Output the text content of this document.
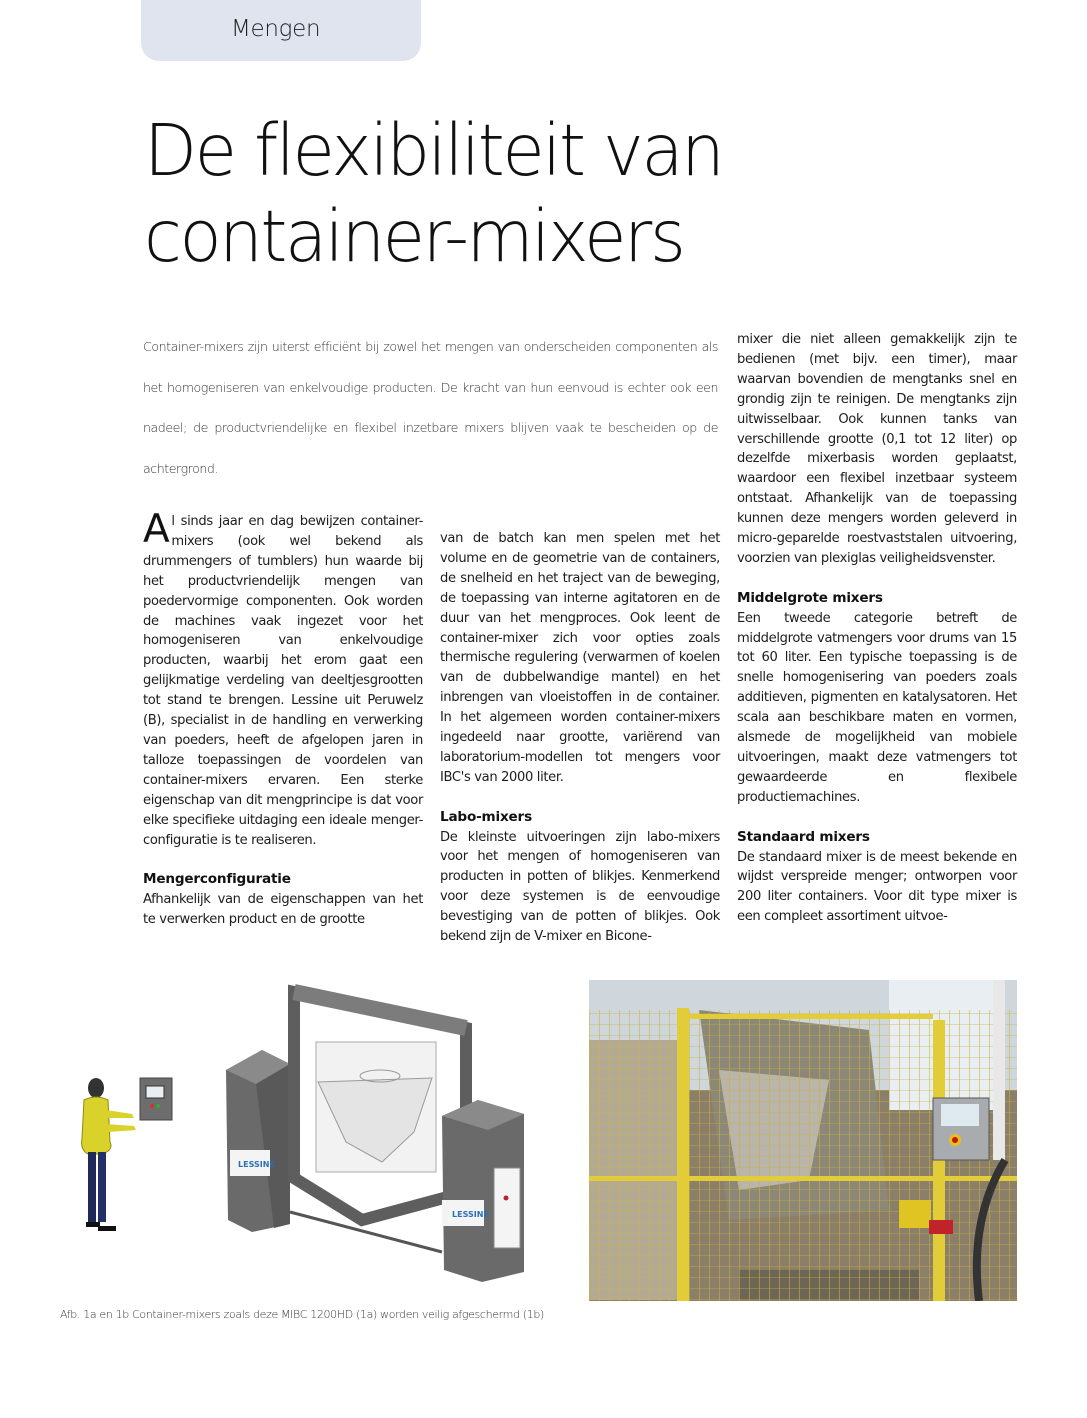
Mengen
De flexibiliteit van
container-mixers

Container-mixers zijn uiterst efficiënt bij zowel het mengen van onderscheiden componenten als het homogeniseren van enkelvoudige producten. De kracht van hun eenvoud is echter ook een nadeel; de productvriendelijke en flexibel inzetbare mixers blijven vaak te bescheiden op de achtergrond.

Al sinds jaar en dag bewijzen container-mixers (ook wel bekend als drummengers of tumblers) hun waarde bij het productvriendelijk mengen van poedervormige componenten. Ook worden de machines vaak ingezet voor het homogeniseren van enkelvoudige producten, waarbij het erom gaat een gelijkmatige verdeling van deeltjesgrootten tot stand te brengen. Lessine uit Peruwelz (B), specialist in de handling en verwerking van poeders, heeft de afgelopen jaren in talloze toepassingen de voordelen van container-mixers ervaren. Een sterke eigenschap van dit mengprincipe is dat voor elke specifieke uitdaging een ideale menger-configuratie is te realiseren.

Mengerconfiguratie

Afhankelijk van de eigenschappen van het te verwerken product en de grootte

van de batch kan men spelen met het volume en de geometrie van de containers, de snelheid en het traject van de beweging, de toepassing van interne agitatoren en de duur van het mengproces. Ook leent de container-mixer zich voor opties zoals thermische regulering (verwarmen of koelen van de dubbelwandige mantel) en het inbrengen van vloeistoffen in de container. In het algemeen worden container-mixers ingedeeld naar grootte, variërend van laboratorium-modellen tot mengers voor IBC's van 2000 liter.

Labo-mixers

De kleinste uitvoeringen zijn labo-mixers voor het mengen of homogeniseren van producten in potten of blikjes. Kenmerkend voor deze systemen is de eenvoudige bevestiging van de potten of blikjes. Ook bekend zijn de V-mixer en Bicone-

mixer die niet alleen gemakkelijk zijn te bedienen (met bijv. een timer), maar waarvan bovendien de mengtanks snel en grondig zijn te reinigen. De mengtanks zijn uitwisselbaar. Ook kunnen tanks van verschillende grootte (0,1 tot 12 liter) op dezelfde mixerbasis worden geplaatst, waardoor een flexibel inzetbaar systeem ontstaat. Afhankelijk van de toepassing kunnen deze mengers worden geleverd in micro-geparelde roestvaststalen uitvoering, voorzien van plexiglas veiligheidsvenster.

Middelgrote mixers

Een tweede categorie betreft de middelgrote vatmengers voor drums van 15 tot 60 liter. Een typische toepassing is de snelle homogenisering van poeders zoals additieven, pigmenten en katalysatoren. Het scala aan beschikbare maten en vormen, alsmede de mogelijkheid van mobiele uitvoeringen, maakt deze vatmengers tot gewaardeerde en flexibele productiemachines.

Standaard mixers

De standaard mixer is de meest bekende en wijdst verspreide menger; ontworpen voor 200 liter containers. Voor dit type mixer is een compleet assortiment uitvoe-

LESSINE
LESSINE
Afb. 1a en 1b Container-mixers zoals deze MIBC 1200HD (1a) worden veilig afgeschermd (1b)
